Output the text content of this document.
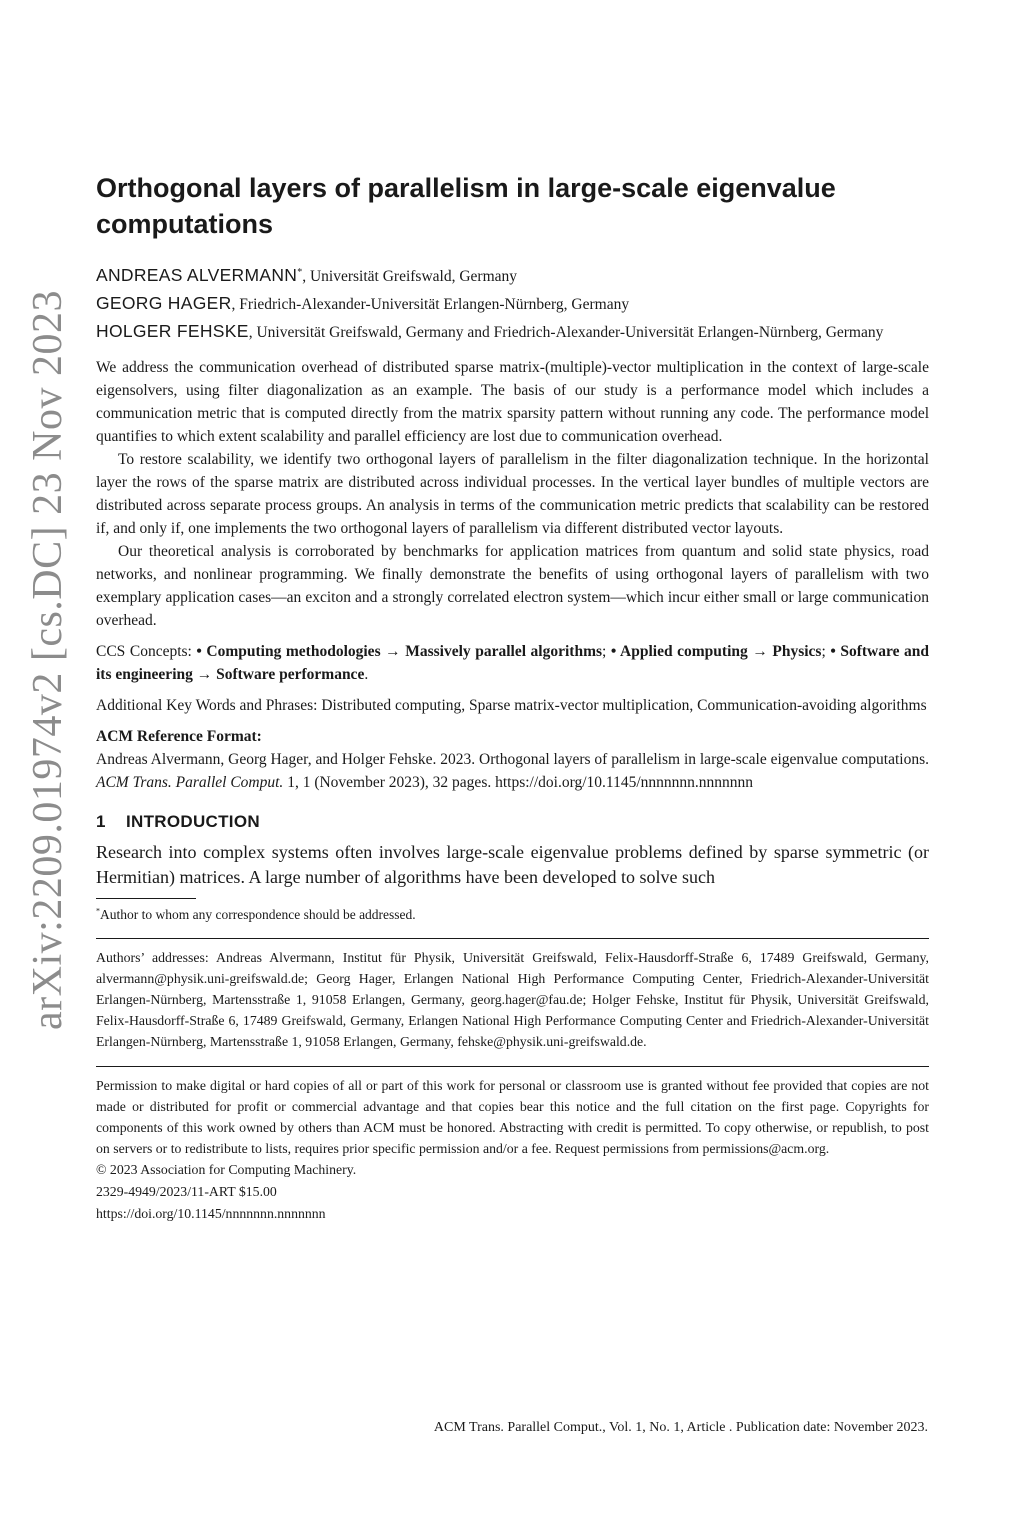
arXiv:2209.01974v2 [cs.DC] 23 Nov 2023
Orthogonal layers of parallelism in large-scale eigenvalue computations
ANDREAS ALVERMANN*, Universität Greifswald, Germany
GEORG HAGER, Friedrich-Alexander-Universität Erlangen-Nürnberg, Germany
HOLGER FEHSKE, Universität Greifswald, Germany and Friedrich-Alexander-Universität Erlangen-Nürnberg, Germany

We address the communication overhead of distributed sparse matrix-(multiple)-vector multiplication in the context of large-scale eigensolvers, using filter diagonalization as an example. The basis of our study is a performance model which includes a communication metric that is computed directly from the matrix sparsity pattern without running any code. The performance model quantifies to which extent scalability and parallel efficiency are lost due to communication overhead.

To restore scalability, we identify two orthogonal layers of parallelism in the filter diagonalization technique. In the horizontal layer the rows of the sparse matrix are distributed across individual processes. In the vertical layer bundles of multiple vectors are distributed across separate process groups. An analysis in terms of the communication metric predicts that scalability can be restored if, and only if, one implements the two orthogonal layers of parallelism via different distributed vector layouts.

Our theoretical analysis is corroborated by benchmarks for application matrices from quantum and solid state physics, road networks, and nonlinear programming. We finally demonstrate the benefits of using orthogonal layers of parallelism with two exemplary application cases—an exciton and a strongly correlated electron system—which incur either small or large communication overhead.

CCS Concepts: • Computing methodologies → Massively parallel algorithms; • Applied computing → Physics; • Software and its engineering → Software performance.

Additional Key Words and Phrases: Distributed computing, Sparse matrix-vector multiplication, Communication-avoiding algorithms

ACM Reference Format:

Andreas Alvermann, Georg Hager, and Holger Fehske. 2023. Orthogonal layers of parallelism in large-scale eigenvalue computations. ACM Trans. Parallel Comput. 1, 1 (November 2023), 32 pages. https://doi.org/10.1145/nnnnnnn.nnnnnnn

1 INTRODUCTION

Research into complex systems often involves large-scale eigenvalue problems defined by sparse symmetric (or Hermitian) matrices. A large number of algorithms have been developed to solve such

*Author to whom any correspondence should be addressed.

Authors’ addresses: Andreas Alvermann, Institut für Physik, Universität Greifswald, Felix-Hausdorff-Straße 6, 17489 Greifswald, Germany, alvermann@physik.uni-greifswald.de; Georg Hager, Erlangen National High Performance Computing Center, Friedrich-Alexander-Universität Erlangen-Nürnberg, Martensstraße 1, 91058 Erlangen, Germany, georg.hager@fau.de; Holger Fehske, Institut für Physik, Universität Greifswald, Felix-Hausdorff-Straße 6, 17489 Greifswald, Germany, Erlangen National High Performance Computing Center and Friedrich-Alexander-Universität Erlangen-Nürnberg, Martensstraße 1, 91058 Erlangen, Germany, fehske@physik.uni-greifswald.de.

Permission to make digital or hard copies of all or part of this work for personal or classroom use is granted without fee provided that copies are not made or distributed for profit or commercial advantage and that copies bear this notice and the full citation on the first page. Copyrights for components of this work owned by others than ACM must be honored. Abstracting with credit is permitted. To copy otherwise, or republish, to post on servers or to redistribute to lists, requires prior specific permission and/or a fee. Request permissions from permissions@acm.org.

© 2023 Association for Computing Machinery.

2329-4949/2023/11-ART $15.00

https://doi.org/10.1145/nnnnnnn.nnnnnnn

ACM Trans. Parallel Comput., Vol. 1, No. 1, Article . Publication date: November 2023.
